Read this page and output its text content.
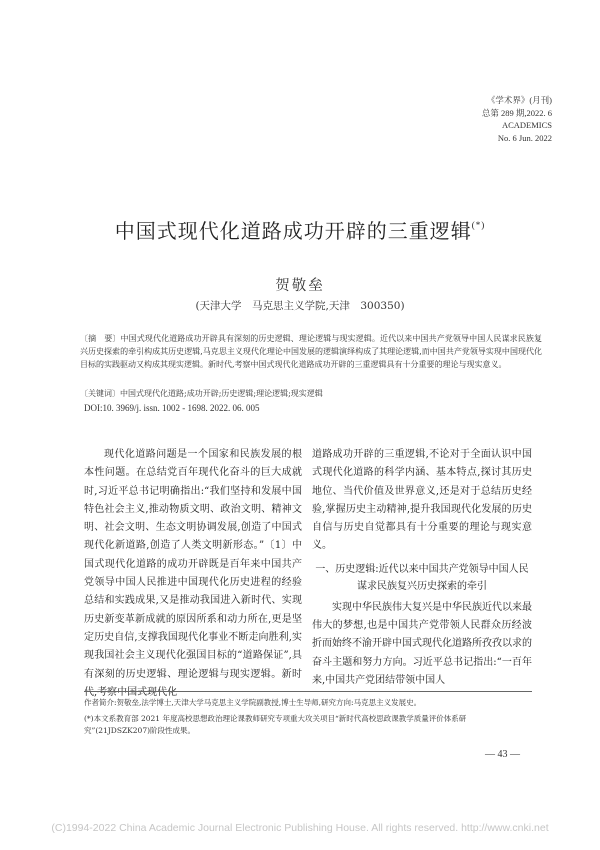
《学术界》(月刊)
总第 289 期,2022. 6
ACADEMICS
No. 6 Jun. 2022
中国式现代化道路成功开辟的三重逻辑(*)
贺敬垒
(天津大学　马克思主义学院,天津　300350)
〔摘　要〕中国式现代化道路成功开辟具有深刻的历史逻辑、理论逻辑与现实逻辑。近代以来中国共产党领导中国人民谋求民族复兴历史探索的牵引构成其历史逻辑,马克思主义现代化理论中国发展的逻辑演绎构成了其理论逻辑,而中国共产党领导实现中国现代化目标的实践驱动又构成其现实逻辑。新时代,考察中国式现代化道路成功开辟的三重逻辑具有十分重要的理论与现实意义。
〔关键词〕中国式现代化道路;成功开辟;历史逻辑;理论逻辑;现实逻辑
DOI:10. 3969/j. issn. 1002 - 1698. 2022. 06. 005

现代化道路问题是一个国家和民族发展的根本性问题。在总结党百年现代化奋斗的巨大成就时,习近平总书记明确指出:“我们坚持和发展中国特色社会主义,推动物质文明、政治文明、精神文明、社会文明、生态文明协调发展,创造了中国式现代化新道路,创造了人类文明新形态。”〔1〕中国式现代化道路的成功开辟既是百年来中国共产党领导中国人民推进中国现代化历史进程的经验总结和实践成果,又是推动我国进入新时代、实现历史新变革新成就的原因所系和动力所在,更是坚定历史自信,支撑我国现代化事业不断走向胜利,实现我国社会主义现代化强国目标的“道路保证”,具有深刻的历史逻辑、理论逻辑与现实逻辑。新时代,考察中国式现代化

道路成功开辟的三重逻辑,不论对于全面认识中国式现代化道路的科学内涵、基本特点,探讨其历史地位、当代价值及世界意义,还是对于总结历史经验,掌握历史主动精神,提升我国现代化发展的历史自信与历史自觉都具有十分重要的理论与现实意义。

一、历史逻辑:近代以来中国共产党领导中国人民谋求民族复兴历史探索的牵引

实现中华民族伟大复兴是中华民族近代以来最伟大的梦想,也是中国共产党带领人民群众历经波折而始终不渝开辟中国式现代化道路所孜孜以求的奋斗主题和努力方向。习近平总书记指出:“一百年来,中国共产党团结带领中国人

作者简介:贺敬垒,法学博士,天津大学马克思主义学院副教授,博士生导师,研究方向:马克思主义发展史。
(*)本文系教育部 2021 年度高校思想政治理论课教师研究专项重大攻关项目“新时代高校思政课教学质量评价体系研究”(21JDSZK207)阶段性成果。
— 43 —
(C)1994-2022 China Academic Journal Electronic Publishing House. All rights reserved. http://www.cnki.net
